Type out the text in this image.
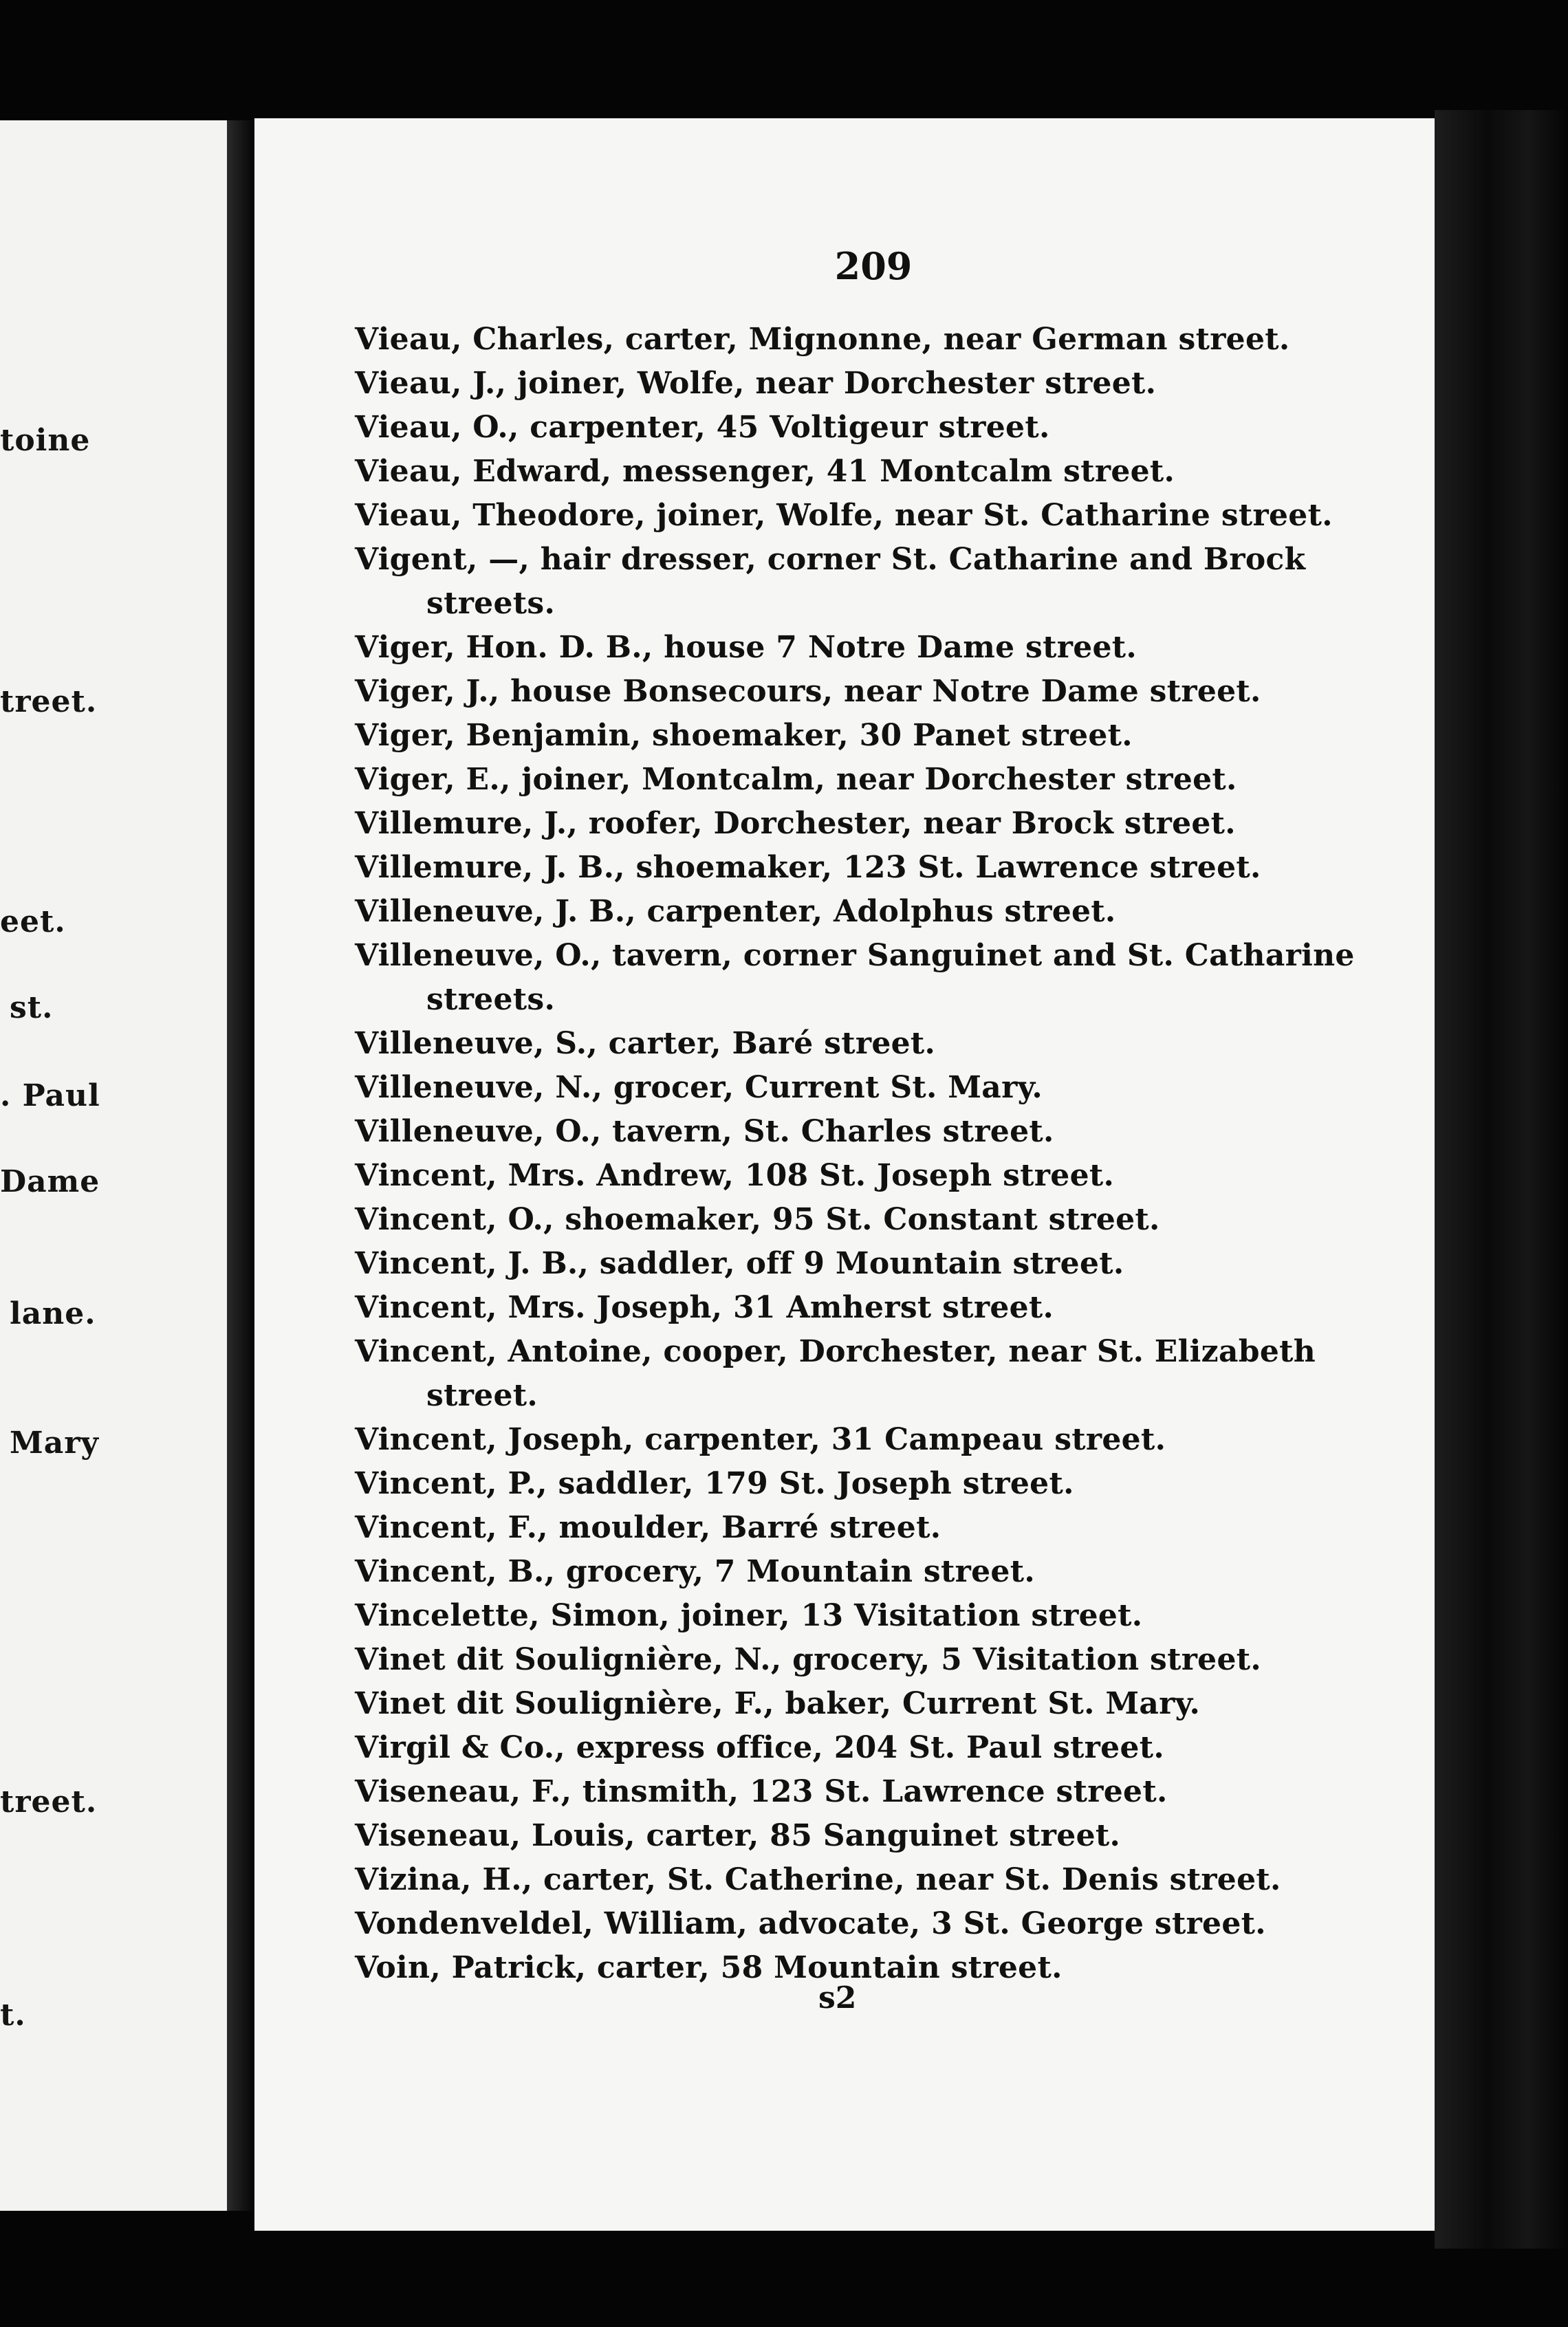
toine
treet.
eet.
st.
. Paul
Dame
lane.
Mary
treet.
t.
209
Vieau, Charles, carter, Mignonne, near German street.
Vieau, J., joiner, Wolfe, near Dorchester street.
Vieau, O., carpenter, 45 Voltigeur street.
Vieau, Edward, messenger, 41 Montcalm street.
Vieau, Theodore, joiner, Wolfe, near St. Catharine street.
Vigent, —, hair dresser, corner St. Catharine and Brock
streets.
Viger, Hon. D. B., house 7 Notre Dame street.
Viger, J., house Bonsecours, near Notre Dame street.
Viger, Benjamin, shoemaker, 30 Panet street.
Viger, E., joiner, Montcalm, near Dorchester street.
Villemure, J., roofer, Dorchester, near Brock street.
Villemure, J. B., shoemaker, 123 St. Lawrence street.
Villeneuve, J. B., carpenter, Adolphus street.
Villeneuve, O., tavern, corner Sanguinet and St. Catharine
streets.
Villeneuve, S., carter, Baré street.
Villeneuve, N., grocer, Current St. Mary.
Villeneuve, O., tavern, St. Charles street.
Vincent, Mrs. Andrew, 108 St. Joseph street.
Vincent, O., shoemaker, 95 St. Constant street.
Vincent, J. B., saddler, off 9 Mountain street.
Vincent, Mrs. Joseph, 31 Amherst street.
Vincent, Antoine, cooper, Dorchester, near St. Elizabeth
street.
Vincent, Joseph, carpenter, 31 Campeau street.
Vincent, P., saddler, 179 St. Joseph street.
Vincent, F., moulder, Barré street.
Vincent, B., grocery, 7 Mountain street.
Vincelette, Simon, joiner, 13 Visitation street.
Vinet dit Soulignière, N., grocery, 5 Visitation street.
Vinet dit Soulignière, F., baker, Current St. Mary.
Virgil & Co., express office, 204 St. Paul street.
Viseneau, F., tinsmith, 123 St. Lawrence street.
Viseneau, Louis, carter, 85 Sanguinet street.
Vizina, H., carter, St. Catherine, near St. Denis street.
Vondenveldel, William, advocate, 3 St. George street.
Voin, Patrick, carter, 58 Mountain street.
s2
